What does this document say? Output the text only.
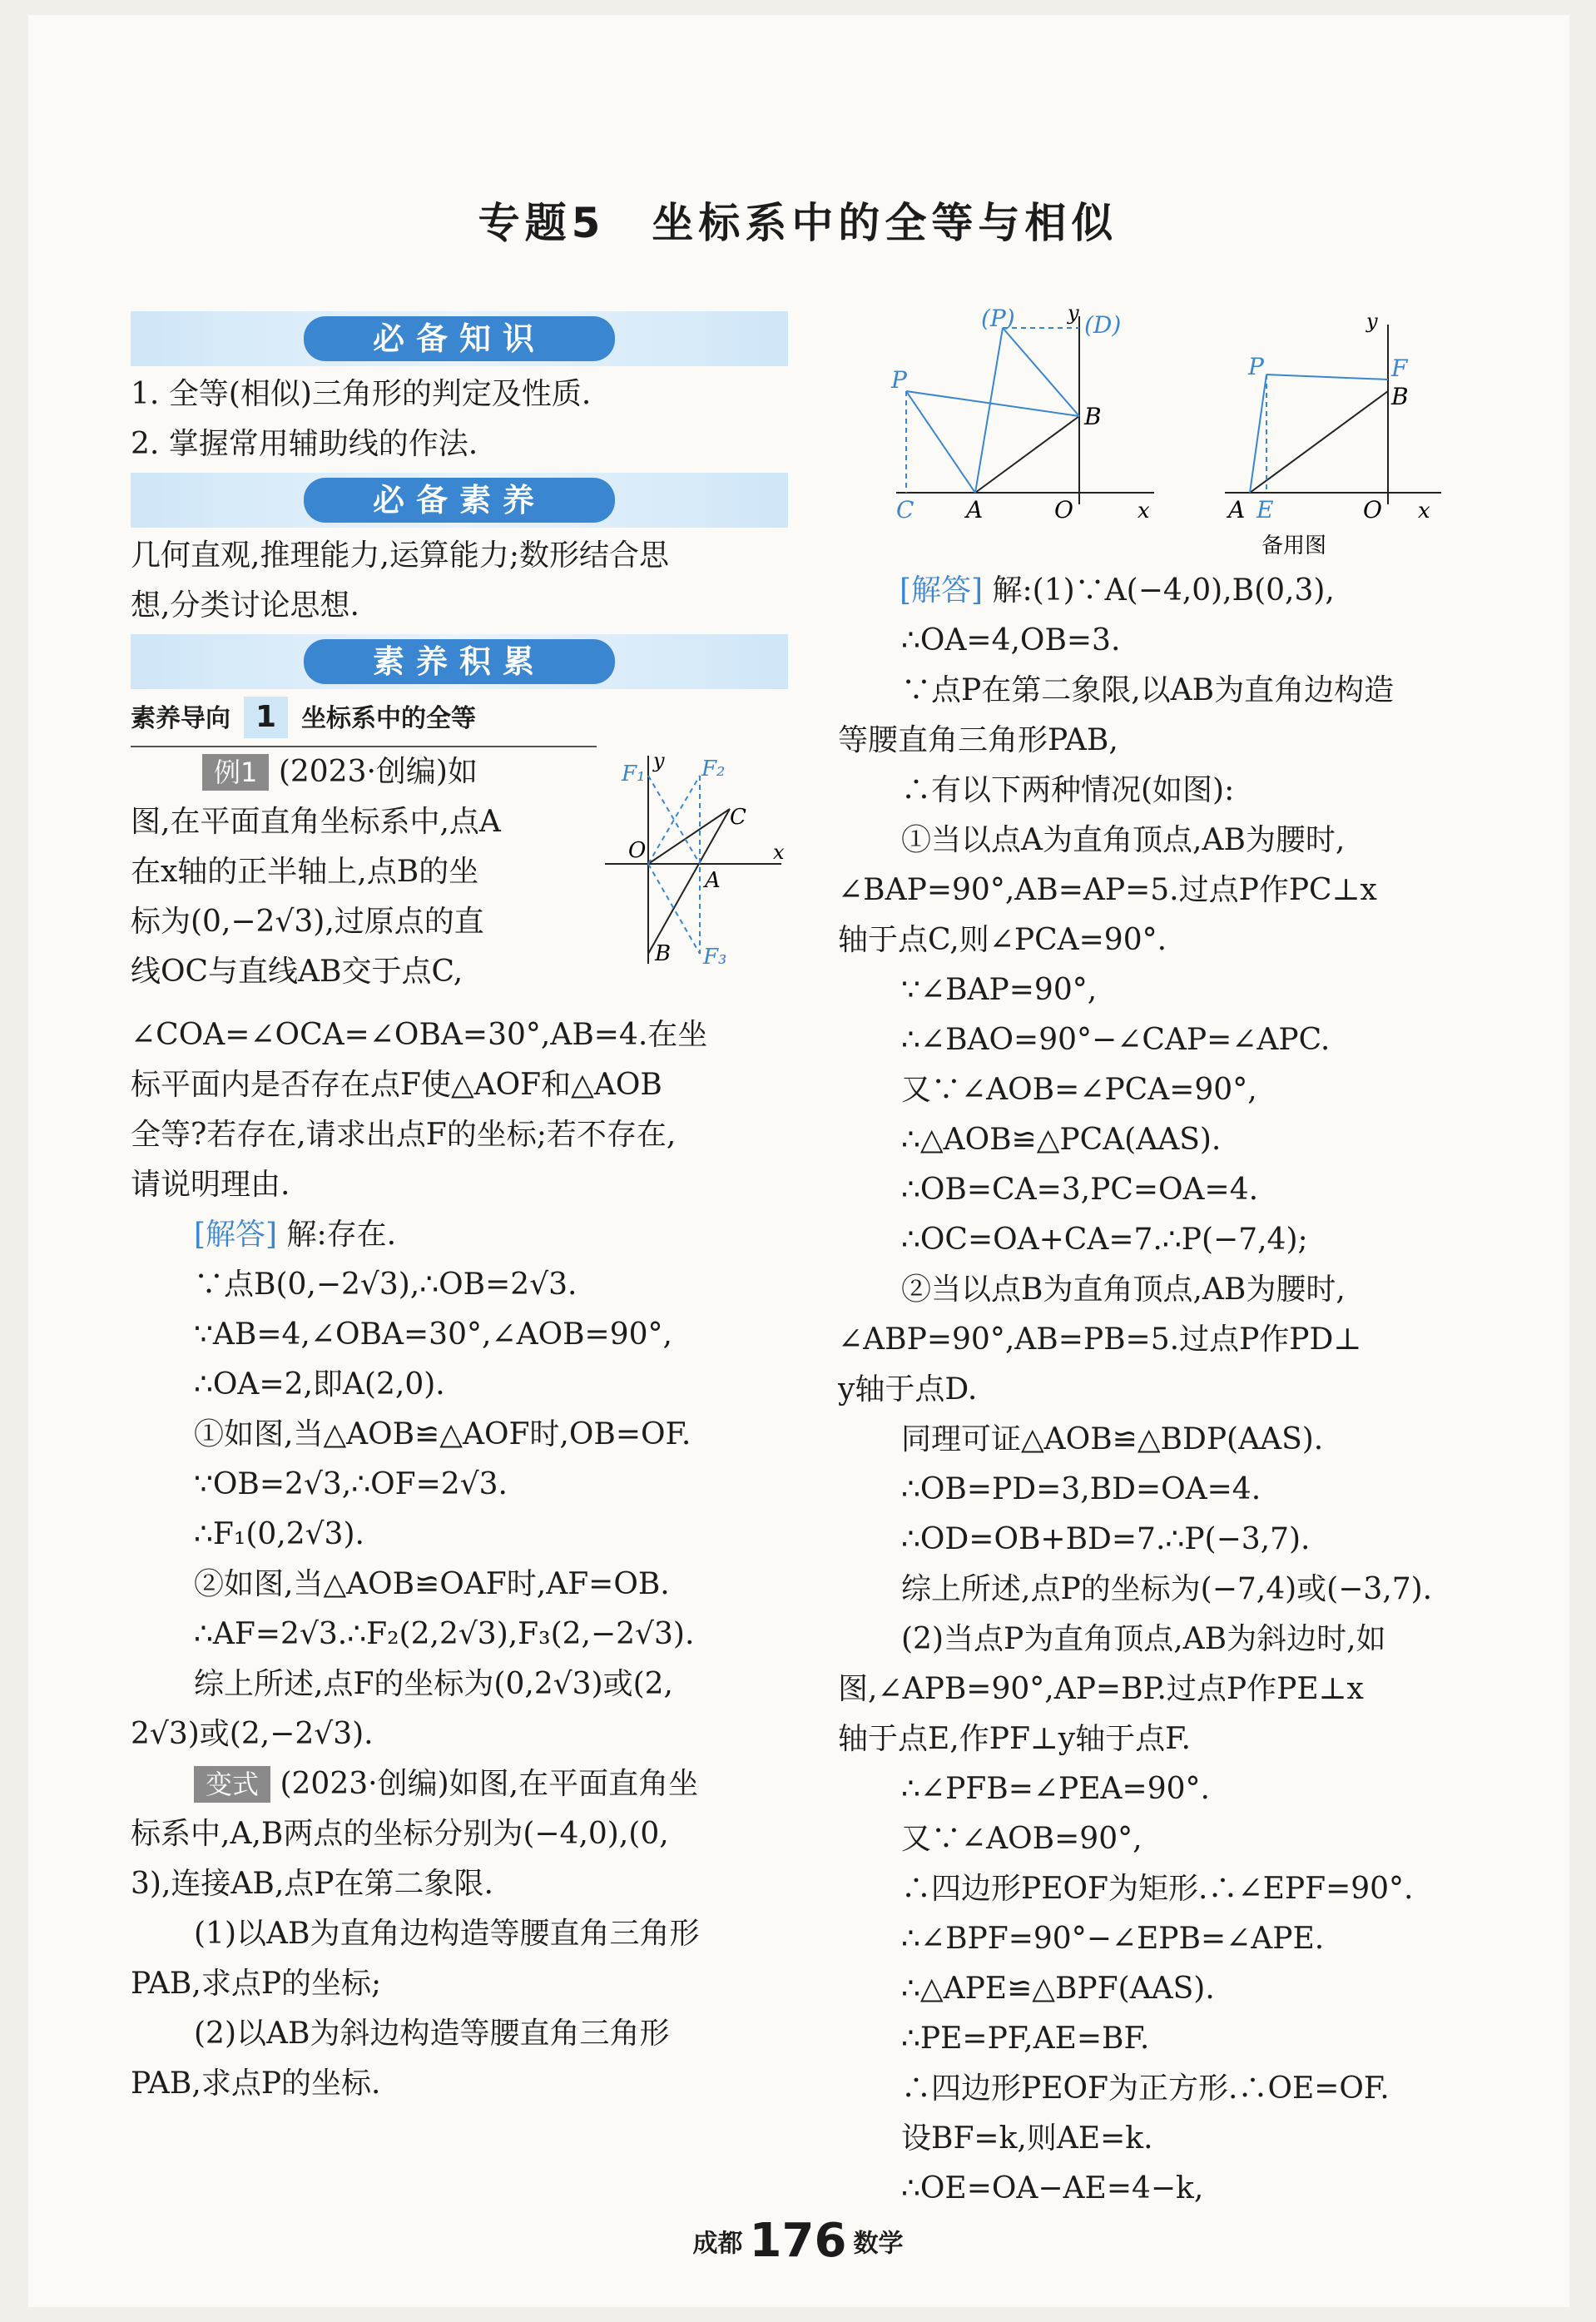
专题5　坐标系中的全等与相似
必备知识
1. 全等(相似)三角形的判定及性质.
2. 掌握常用辅助线的作法.
必备素养
几何直观,推理能力,运算能力;数形结合思
想,分类讨论思想.
素养积累
素养导向 1 坐标系中的全等
例1 (2023·创编)如
图,在平面直角坐标系中,点A
在x轴的正半轴上,点B的坐
标为(0,−2√3),过原点的直
线OC与直线AB交于点C,
y
F₁	F₂
C
O
A
x
B F₃
∠COA=∠OCA=∠OBA=30°,AB=4.在坐
标平面内是否存在点F使△AOF和△AOB
全等?若存在,请求出点F的坐标;若不存在,
请说明理由.
[解答] 解:存在.
∵点B(0,−2√3),∴OB=2√3.
∵AB=4,∠OBA=30°,∠AOB=90°,
∴OA=2,即A(2,0).
①如图,当△AOB≌△AOF时,OB=OF.
∵OB=2√3,∴OF=2√3.
∴F₁(0,2√3).
②如图,当△AOB≌OAF时,AF=OB.
∴AF=2√3.∴F₂(2,2√3),F₃(2,−2√3).
综上所述,点F的坐标为(0,2√3)或(2,
2√3)或(2,−2√3).
变式 (2023·创编)如图,在平面直角坐
标系中,A,B两点的坐标分别为(−4,0),(0,
3),连接AB,点P在第二象限.
(1)以AB为直角边构造等腰直角三角形
PAB,求点P的坐标;
(2)以AB为斜边构造等腰直角三角形
PAB,求点P的坐标.
(P)	y (D)
P
B
C A	O	x
y
P	F
B
A E	O x
备用图
[解答] 解:(1)∵A(−4,0),B(0,3),
∴OA=4,OB=3.
∵点P在第二象限,以AB为直角边构造
等腰直角三角形PAB,
∴有以下两种情况(如图):
①当以点A为直角顶点,AB为腰时,
∠BAP=90°,AB=AP=5.过点P作PC⊥x
轴于点C,则∠PCA=90°.
∵∠BAP=90°,
∴∠BAO=90°−∠CAP=∠APC.
又∵∠AOB=∠PCA=90°,
∴△AOB≌△PCA(AAS).
∴OB=CA=3,PC=OA=4.
∴OC=OA+CA=7.∴P(−7,4);
②当以点B为直角顶点,AB为腰时,
∠ABP=90°,AB=PB=5.过点P作PD⊥
y轴于点D.
同理可证△AOB≌△BDP(AAS).
∴OB=PD=3,BD=OA=4.
∴OD=OB+BD=7.∴P(−3,7).
综上所述,点P的坐标为(−7,4)或(−3,7).
(2)当点P为直角顶点,AB为斜边时,如
图,∠APB=90°,AP=BP.过点P作PE⊥x
轴于点E,作PF⊥y轴于点F.
∴∠PFB=∠PEA=90°.
又∵∠AOB=90°,
∴四边形PEOF为矩形.∴∠EPF=90°.
∴∠BPF=90°−∠EPB=∠APE.
∴△APE≌△BPF(AAS).
∴PE=PF,AE=BF.
∴四边形PEOF为正方形.∴OE=OF.
设BF=k,则AE=k.
∴OE=OA−AE=4−k,
成都 176 数学
